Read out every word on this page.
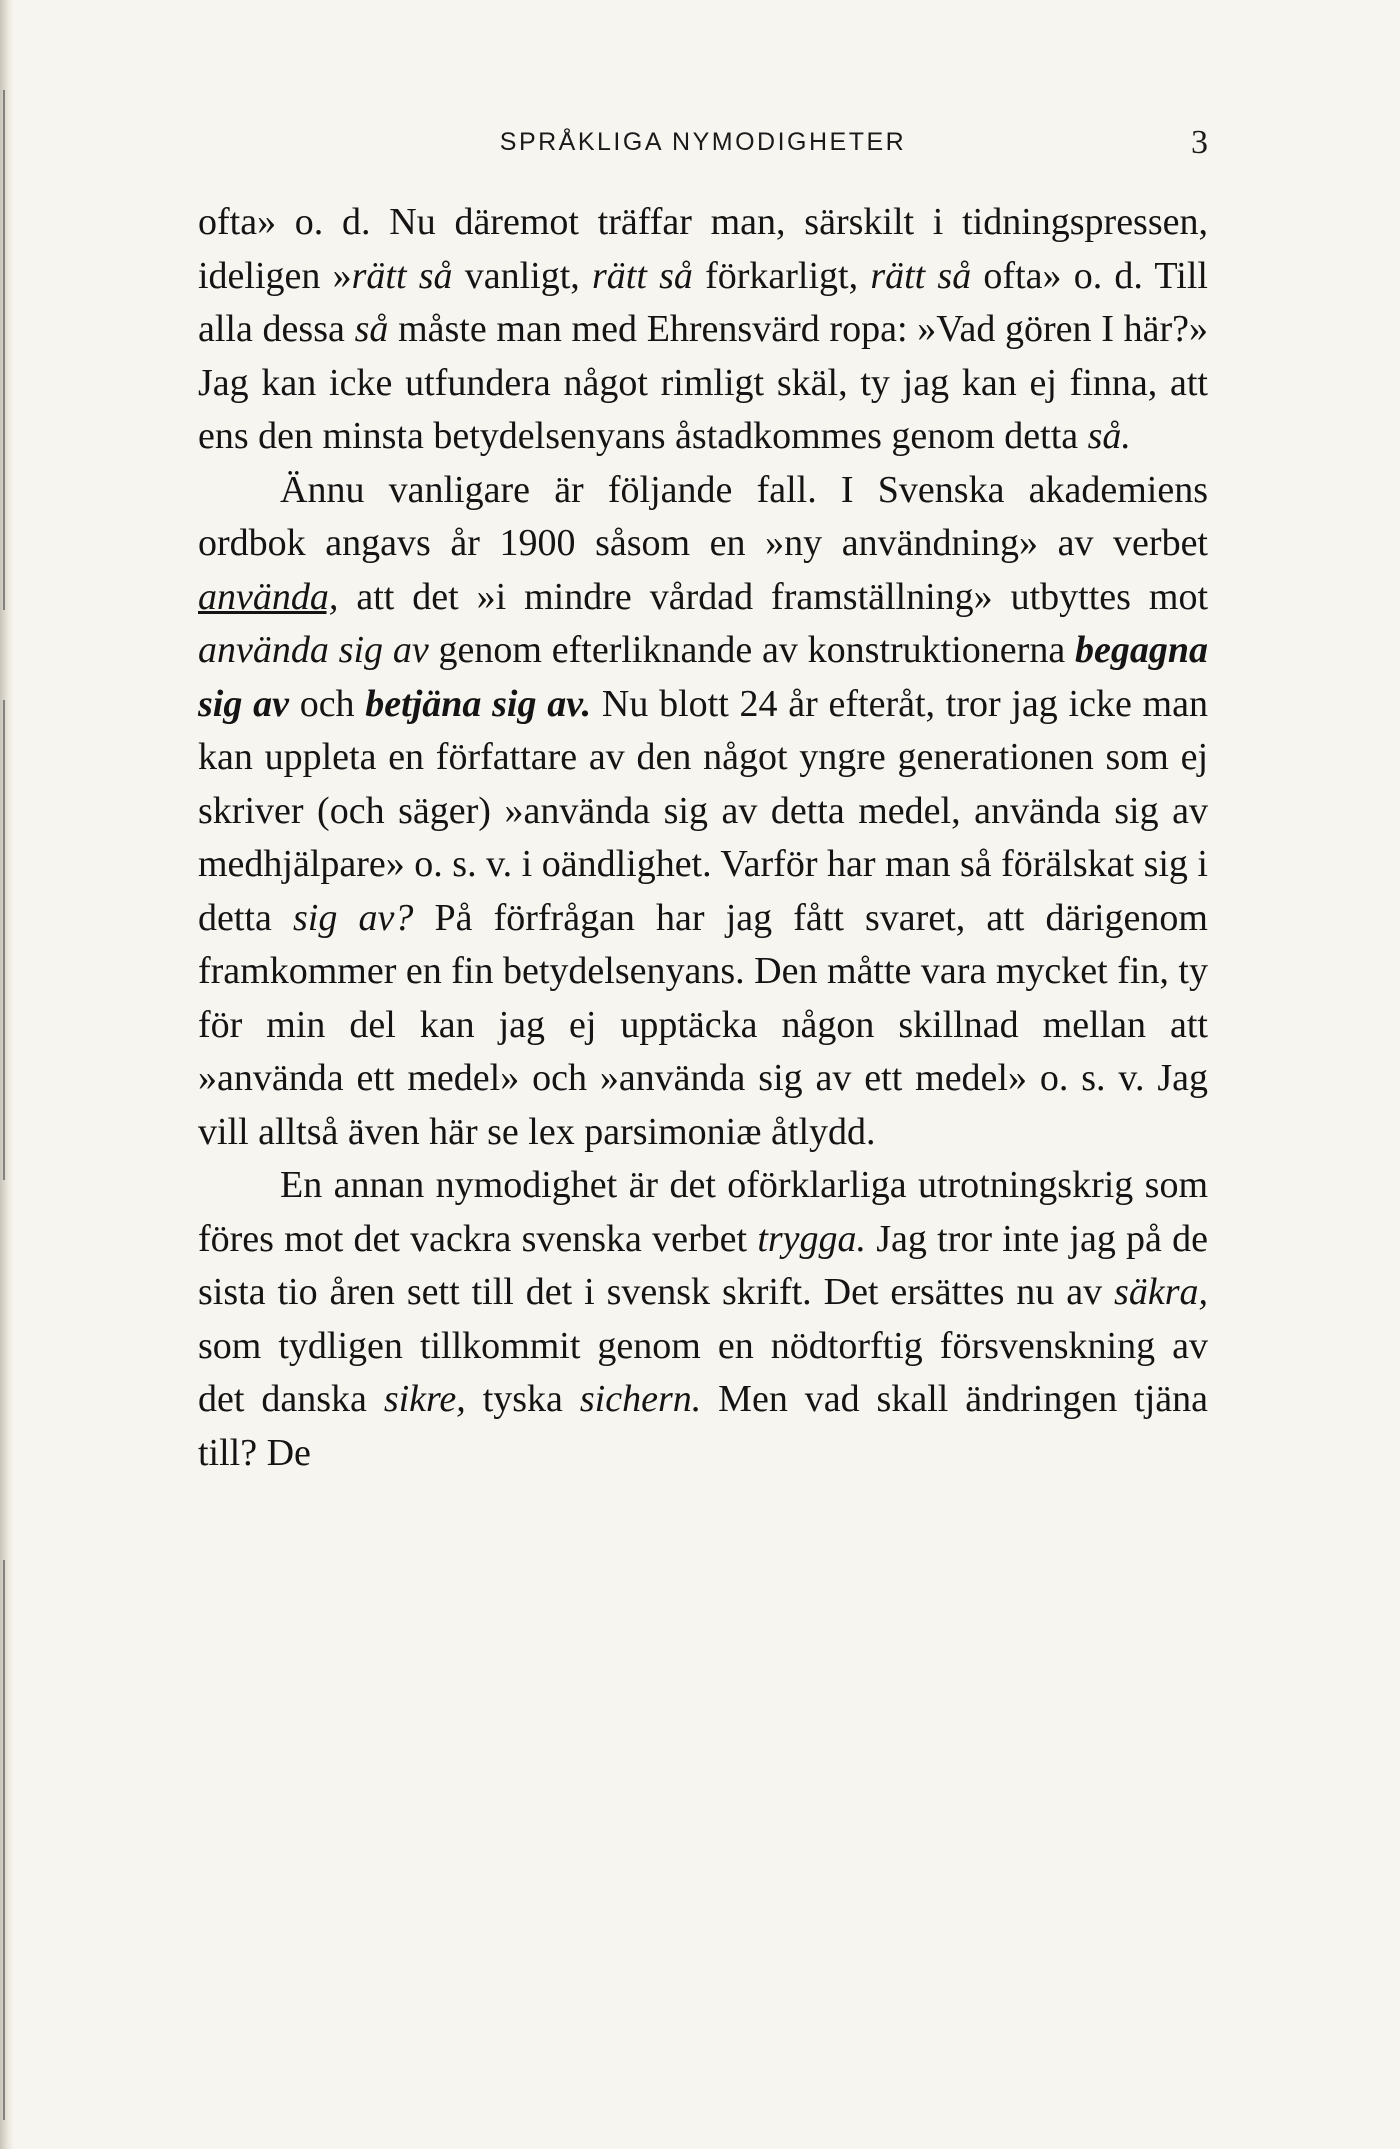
SPRÅKLIGA NYMODIGHETER	3

ofta» o. d. Nu däremot träffar man, särskilt i tidningspressen, ideligen »rätt så vanligt, rätt så förkarligt, rätt så ofta» o. d. Till alla dessa så måste man med Ehrensvärd ropa: »Vad gören I här?» Jag kan icke utfundera något rimligt skäl, ty jag kan ej finna, att ens den minsta betydelsenyans åstadkommes genom detta så.

Ännu vanligare är följande fall. I Svenska akademiens ordbok angavs år 1900 såsom en »ny användning» av verbet använda, att det »i mindre vårdad framställning» utbyttes mot använda sig av genom efterliknande av konstruktionerna begagna sig av och betjäna sig av. Nu blott 24 år efteråt, tror jag icke man kan uppleta en författare av den något yngre generationen som ej skriver (och säger) »använda sig av detta medel, använda sig av medhjälpare» o. s. v. i oändlighet. Varför har man så förälskat sig i detta sig av? På förfrågan har jag fått svaret, att därigenom framkommer en fin betydelsenyans. Den måtte vara mycket fin, ty för min del kan jag ej upptäcka någon skillnad mellan att »använda ett medel» och »använda sig av ett medel» o. s. v. Jag vill alltså även här se lex parsimoniæ åtlydd.

En annan nymodighet är det oförklarliga utrotningskrig som föres mot det vackra svenska verbet trygga. Jag tror inte jag på de sista tio åren sett till det i svensk skrift. Det ersättes nu av säkra, som tydligen tillkommit genom en nödtorftig försvenskning av det danska sikre, tyska sichern. Men vad skall ändringen tjäna till? De
